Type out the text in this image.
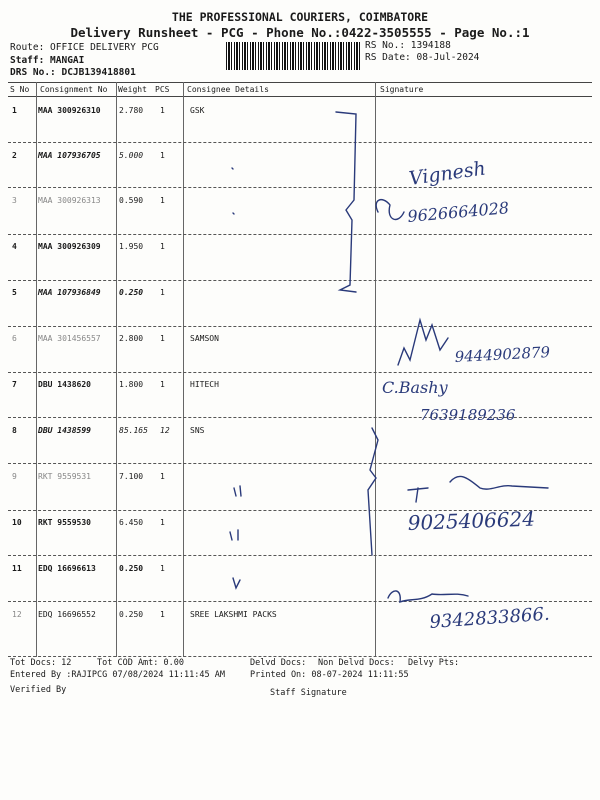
THE PROFESSIONAL COURIERS, COIMBATORE
Delivery Runsheet - PCG - Phone No.:0422-3505555 - Page No.:1
Route: OFFICE DELIVERY PCG
Staff: MANGAI
DRS No.: DCJB139418801
RS No.: 1394188
RS Date: 08-Jul-2024
S No Consignment No Weight PCS Consignee Details	Signature
1	MAA 300926310 2.780 1	GSK
2	MAA 107936705 5.000 1
3	MAA 300926313 0.590 1
4	MAA 300926309 1.950 1
5	MAA 107936849 0.250 1
6	MAA 301456557 2.800 1	SAMSON
7	DBU 1438620	1.800 1	HITECH
8	DBU 1438599	85.165 12	SNS
9	RKT 9559531	7.100 1
10 RKT 9559530	6.450 1
11 EDQ 16696613	0.250 1
12 EDQ 16696552	0.250 1	SREE LAKSHMI PACKS
Tot Docs: 12	Tot COD Amt: 0.00	Delvd Docs: Non Delvd Docs: Delvy Pts:
Entered By :RAJIPCG 07/08/2024 11:11:45 AM	Printed On: 08-07-2024 11:11:55
Verified By	Staff Signature
Vignesh
9626664028
9444902879
C.Bashy
7639189236
9025406624
9342833866.
